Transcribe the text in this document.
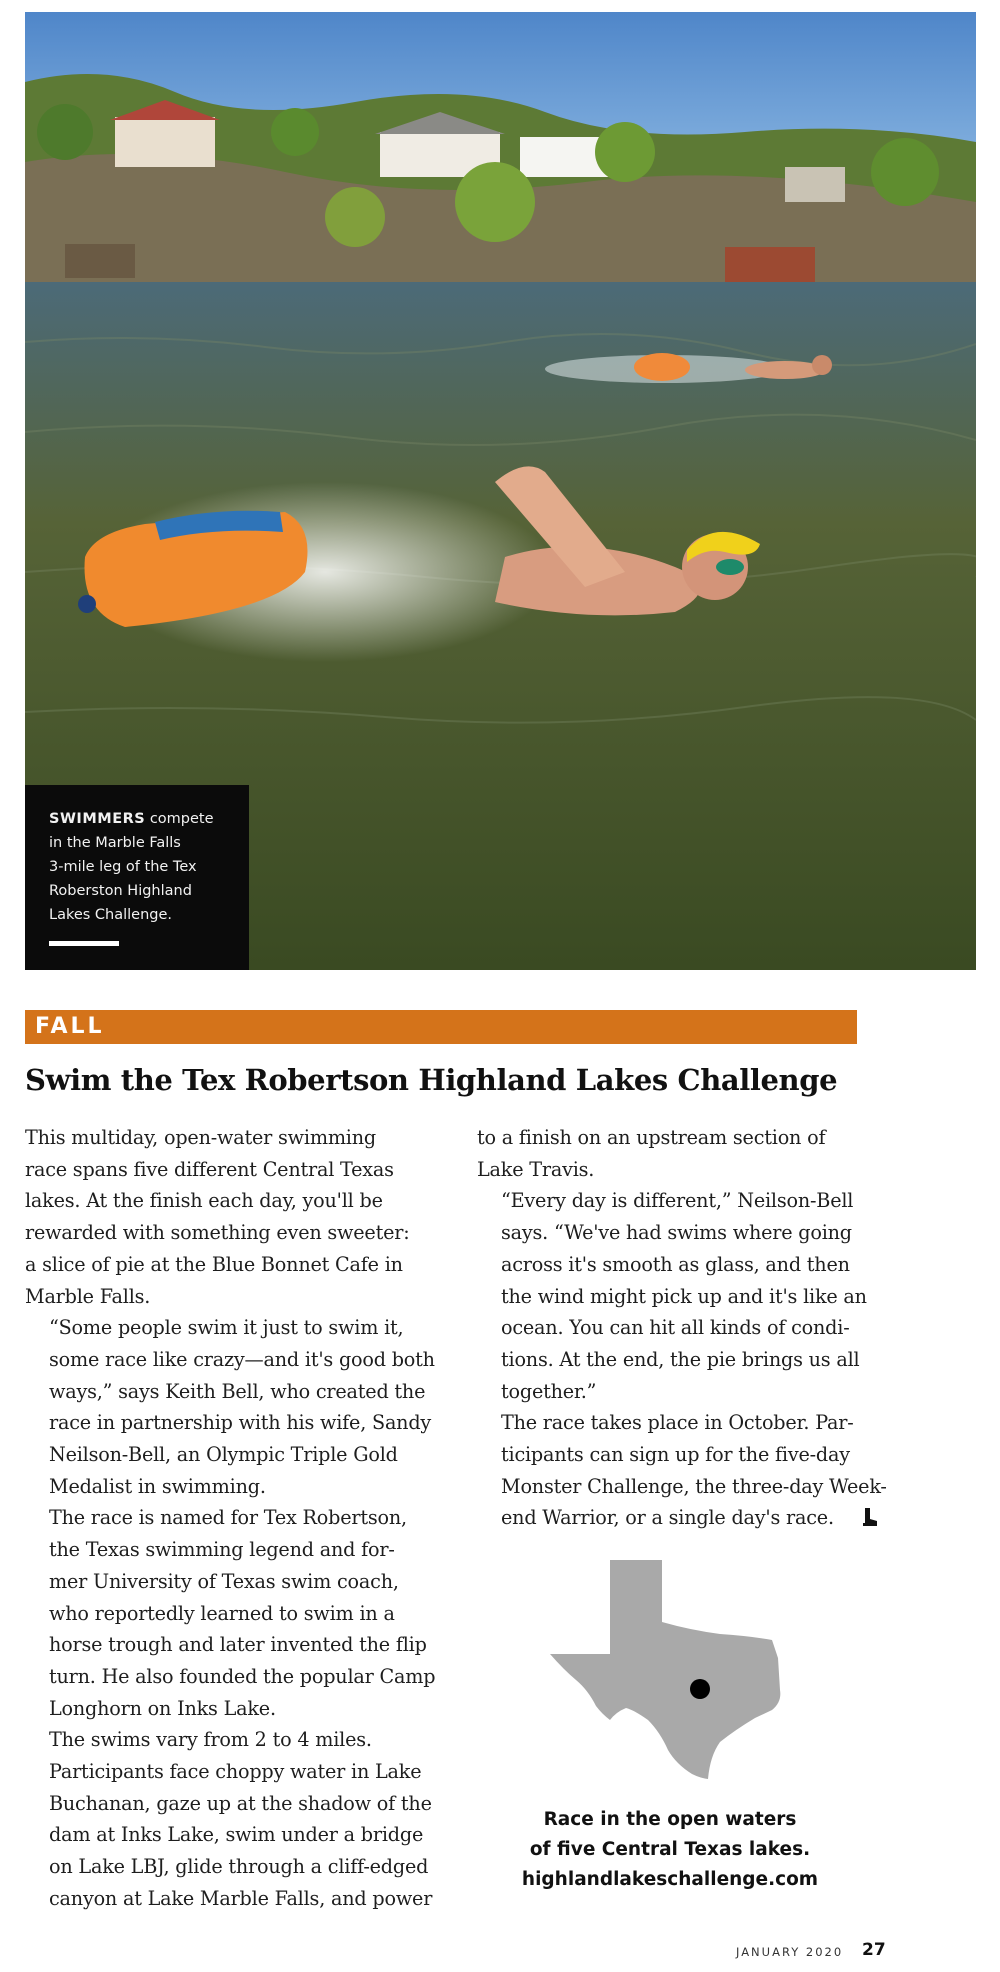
SWIMMERS compete
in the Marble Falls
3-mile leg of the Tex
Roberston Highland
Lakes Challenge.
FALL
Swim the Tex Robertson Highland Lakes Challenge

This multiday, open-water swimming
race spans five different Central Texas
lakes. At the finish each day, you'll be
rewarded with something even sweeter:
a slice of pie at the Blue Bonnet Cafe in
Marble Falls.

“Some people swim it just to swim it,
some race like crazy—and it's good both
ways,” says Keith Bell, who created the
race in partnership with his wife, Sandy
Neilson-Bell, an Olympic Triple Gold
Medalist in swimming.

The race is named for Tex Robertson,
the Texas swimming legend and for-
mer University of Texas swim coach,
who reportedly learned to swim in a
horse trough and later invented the flip
turn. He also founded the popular Camp
Longhorn on Inks Lake.

The swims vary from 2 to 4 miles.
Participants face choppy water in Lake
Buchanan, gaze up at the shadow of the
dam at Inks Lake, swim under a bridge
on Lake LBJ, glide through a cliff-edged
canyon at Lake Marble Falls, and power

to a finish on an upstream section of
Lake Travis.

“Every day is different,” Neilson-Bell
says. “We've had swims where going
across it's smooth as glass, and then
the wind might pick up and it's like an
ocean. You can hit all kinds of condi-
tions. At the end, the pie brings us all
together.”

The race takes place in October. Par-
ticipants can sign up for the five-day
Monster Challenge, the three-day Week-
end Warrior, or a single day's race.

Race in the open waters
of five Central Texas lakes.
highlandlakeschallenge.com
JANUARY 2020 27
